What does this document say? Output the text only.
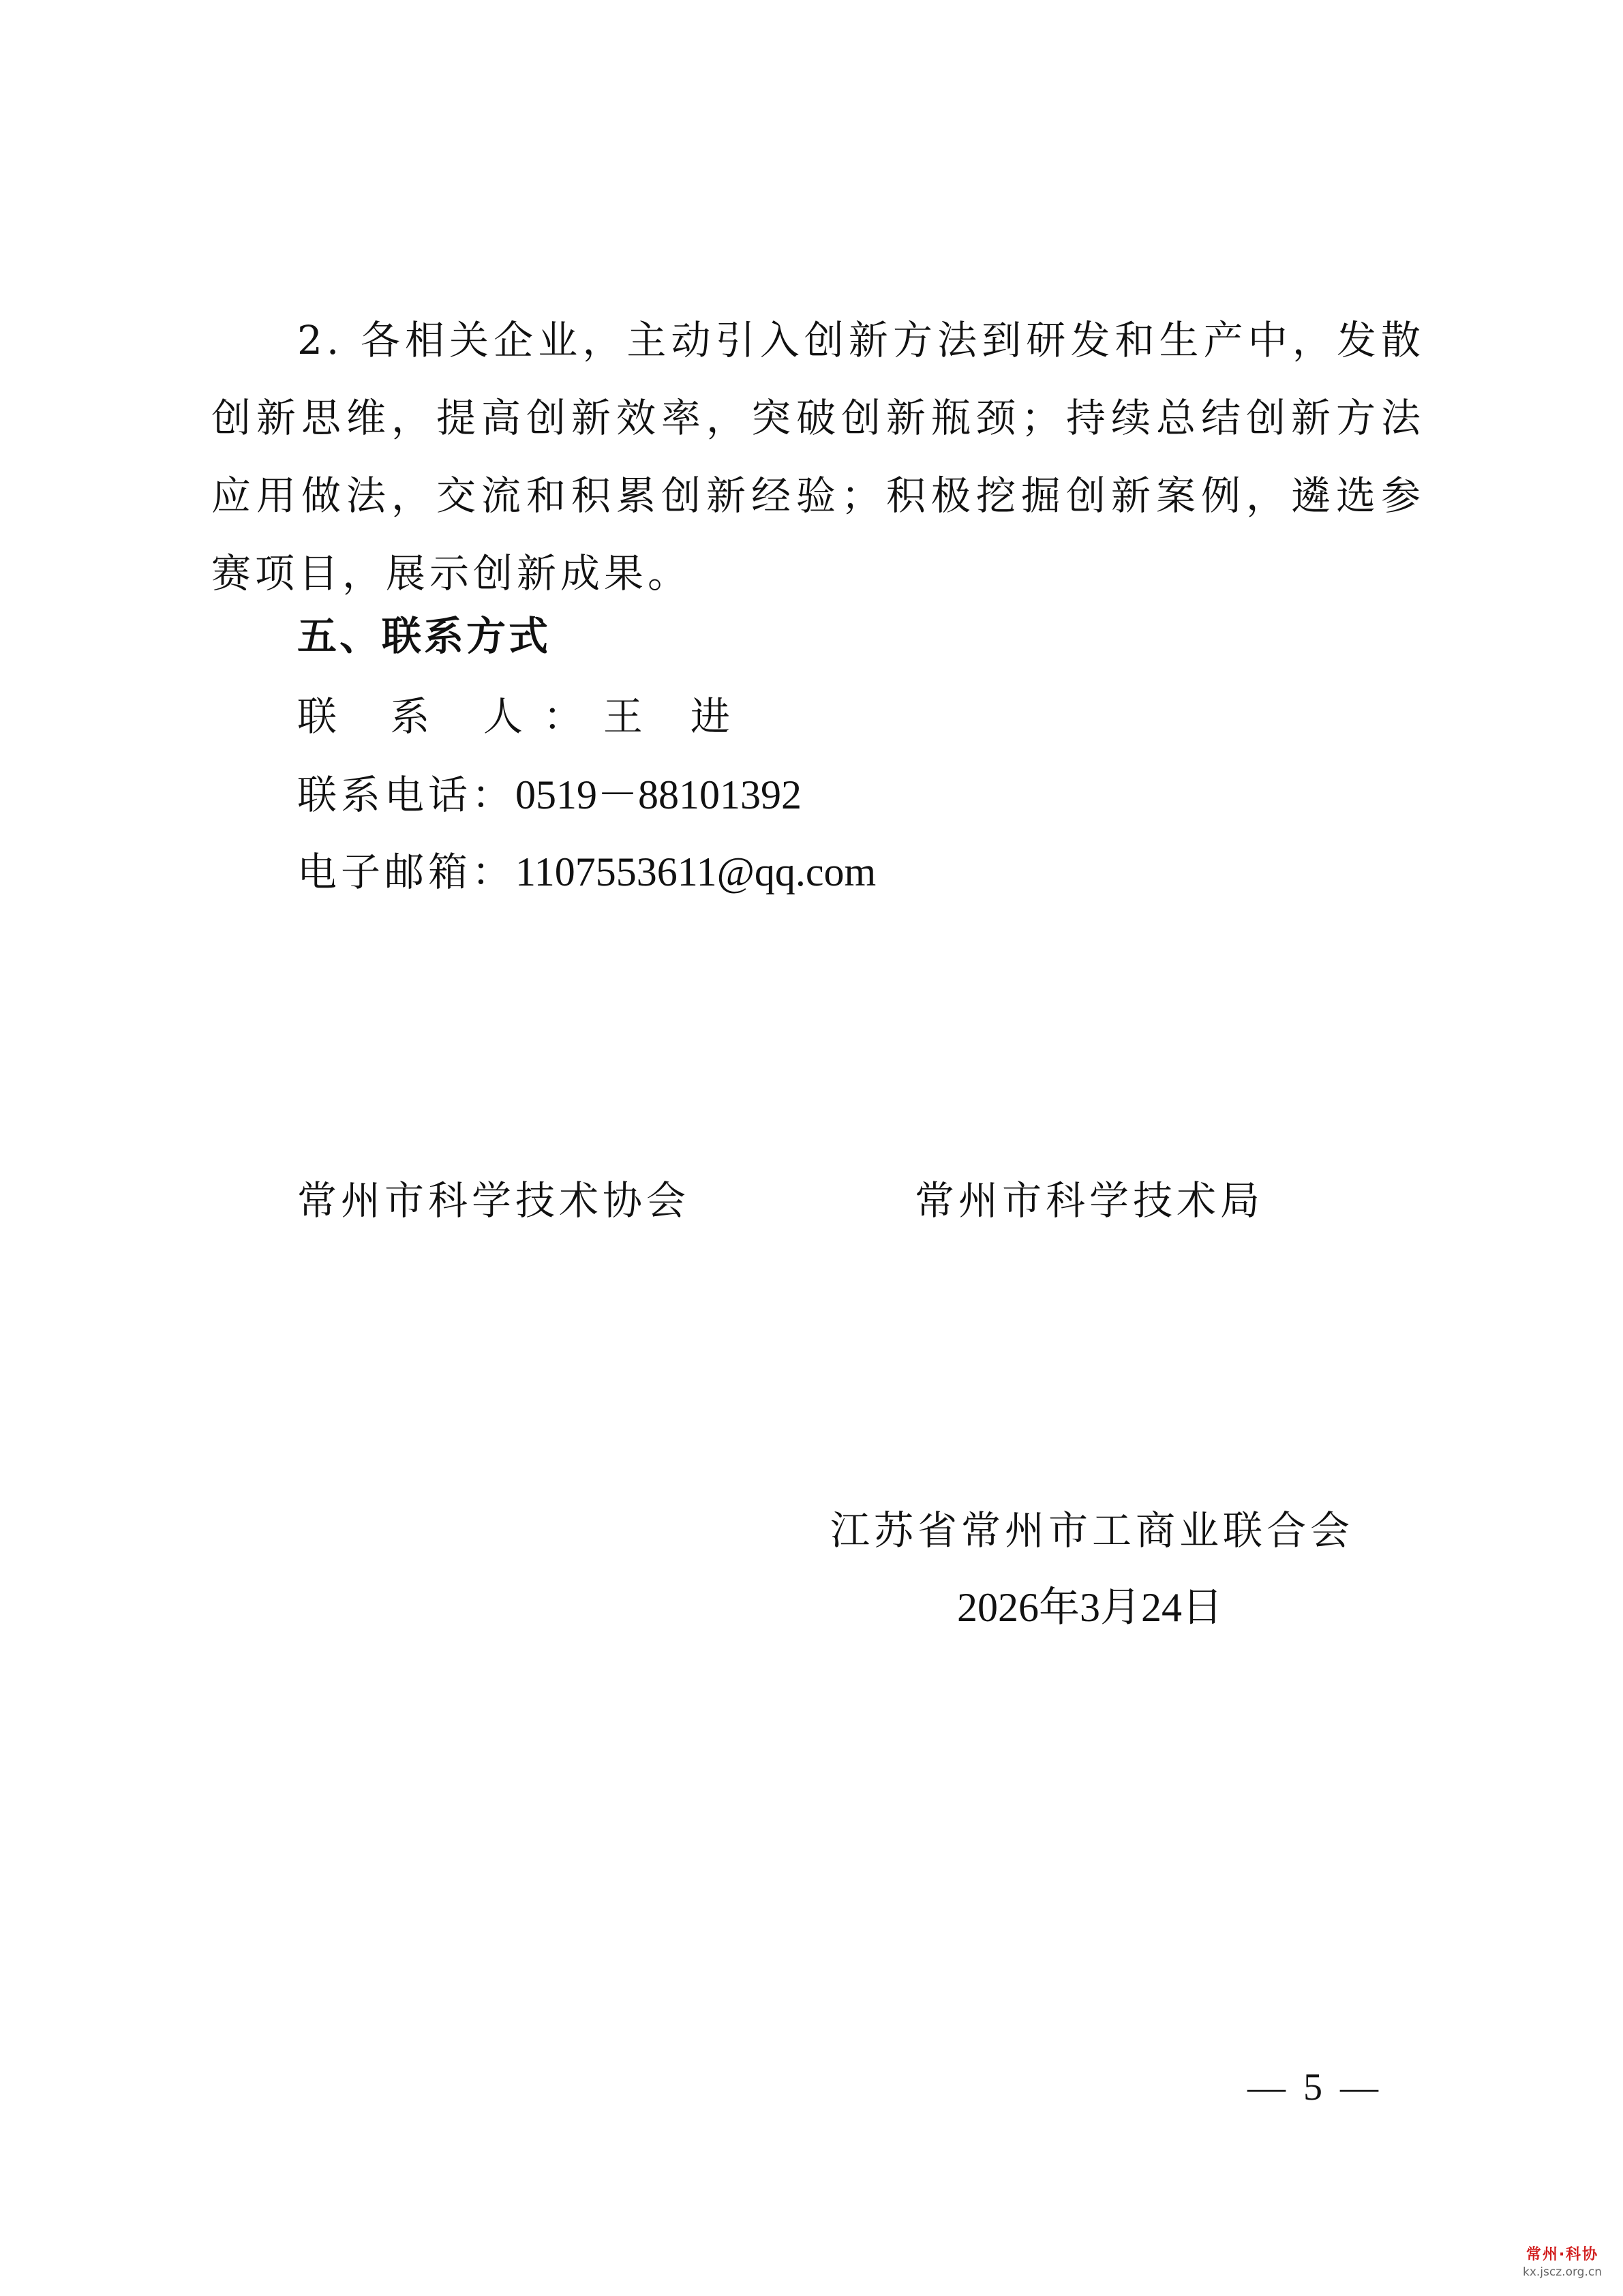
2. 各相关企业，主动引入创新方法到研发和生产中，发散创新思维，提高创新效率，突破创新瓶颈；持续总结创新方法应用做法，交流和积累创新经验；积极挖掘创新案例，遴选参赛项目，展示创新成果。

五、联系方式
联 系 人：王　进
联系电话：0519－88101392
电子邮箱：1107553611@qq.com
常州市科学技术协会	常州市科学技术局
江苏省常州市工商业联合会
2026年3月24日
— 5 —
常州·科协
kx.jscz.org.cn
